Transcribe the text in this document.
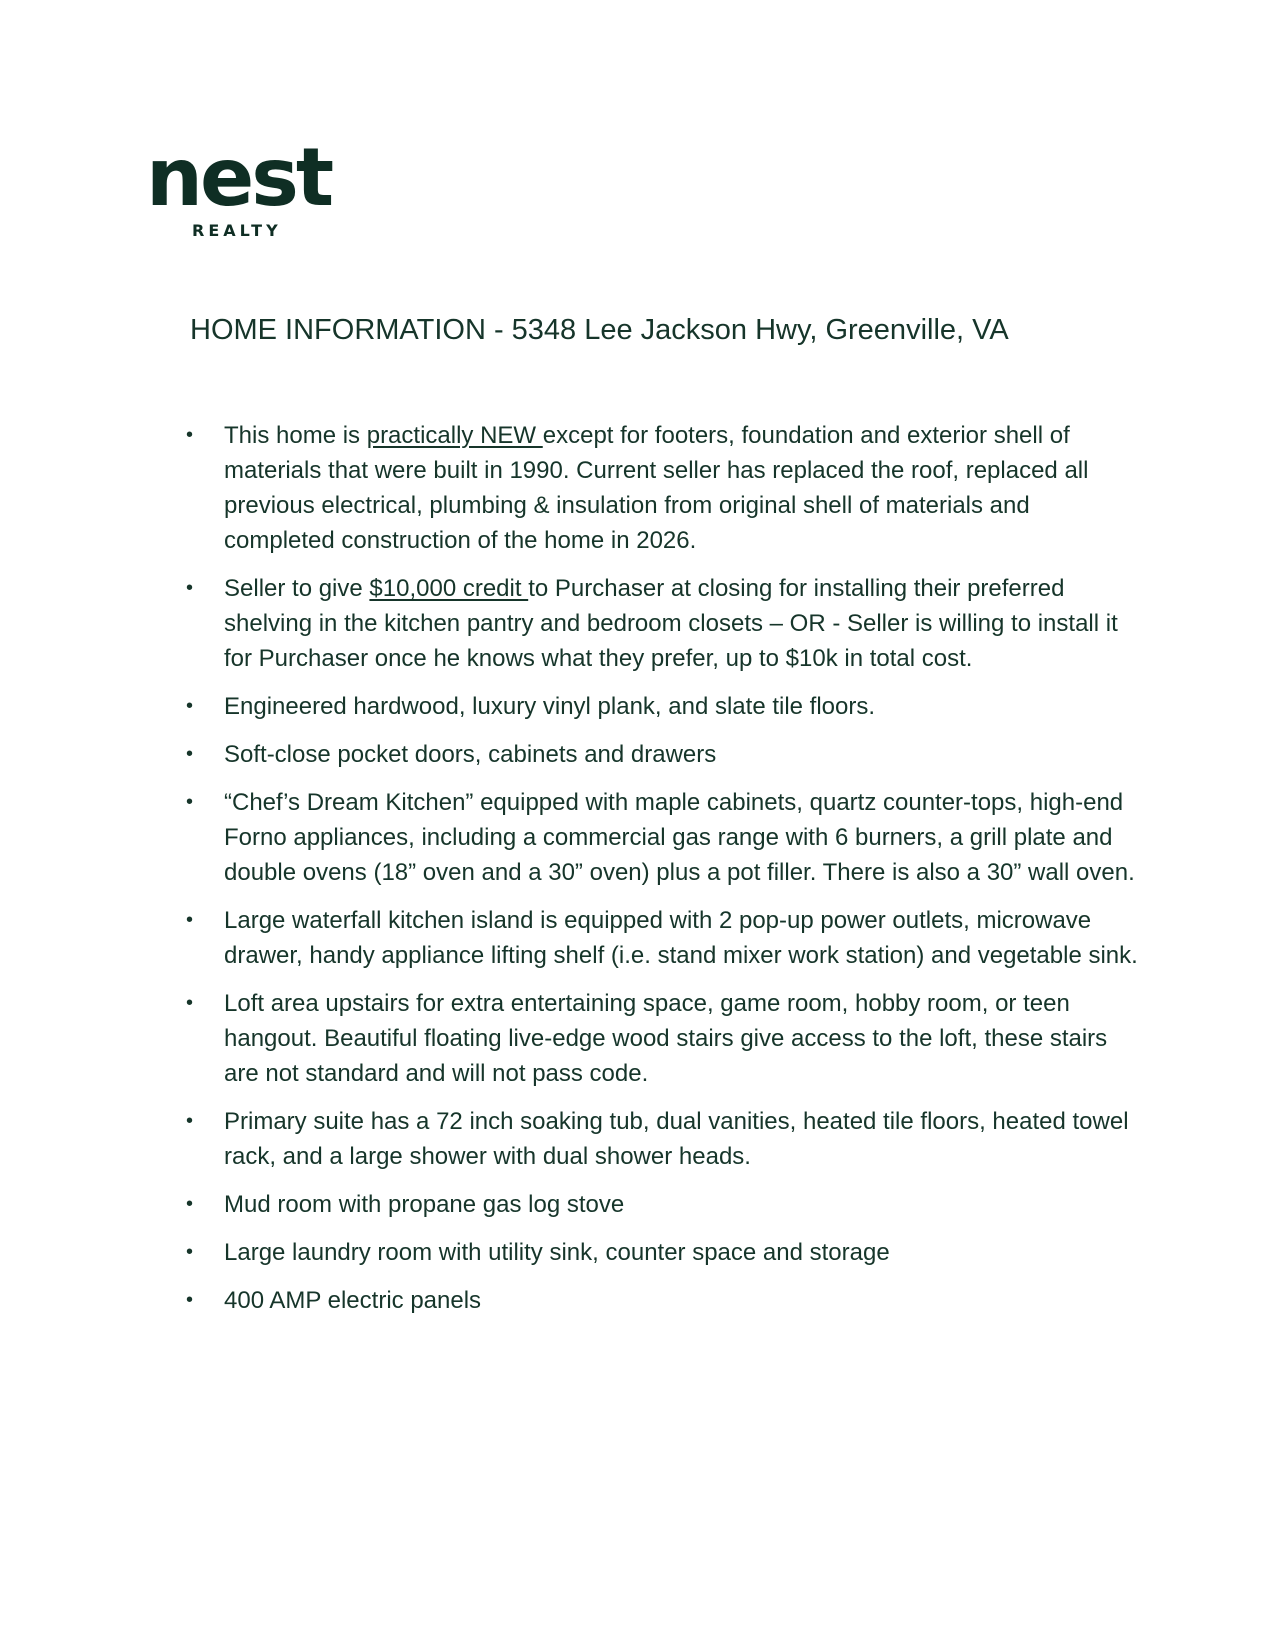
nest
REALTY
HOME INFORMATION - 5348 Lee Jackson Hwy, Greenville, VA
• This home is practically NEW except for footers, foundation and exterior shell of materials that were built in 1990. Current seller has replaced the roof, replaced all previous electrical, plumbing & insulation from original shell of materials and completed construction of the home in 2026.
• Seller to give $10,000 credit to Purchaser at closing for installing their preferred shelving in the kitchen pantry and bedroom closets – OR - Seller is willing to install it for Purchaser once he knows what they prefer, up to $10k in total cost.
• Engineered hardwood, luxury vinyl plank, and slate tile floors.
• Soft-close pocket doors, cabinets and drawers
• “Chef’s Dream Kitchen” equipped with maple cabinets, quartz counter-tops, high-end Forno appliances, including a commercial gas range with 6 burners, a grill plate and double ovens (18” oven and a 30” oven) plus a pot filler. There is also a 30” wall oven.
• Large waterfall kitchen island is equipped with 2 pop-up power outlets, microwave drawer, handy appliance lifting shelf (i.e. stand mixer work station) and vegetable sink.
• Loft area upstairs for extra entertaining space, game room, hobby room, or teen hangout. Beautiful floating live-edge wood stairs give access to the loft, these stairs are not standard and will not pass code.
• Primary suite has a 72 inch soaking tub, dual vanities, heated tile floors, heated towel rack, and a large shower with dual shower heads.
• Mud room with propane gas log stove
• Large laundry room with utility sink, counter space and storage
• 400 AMP electric panels
